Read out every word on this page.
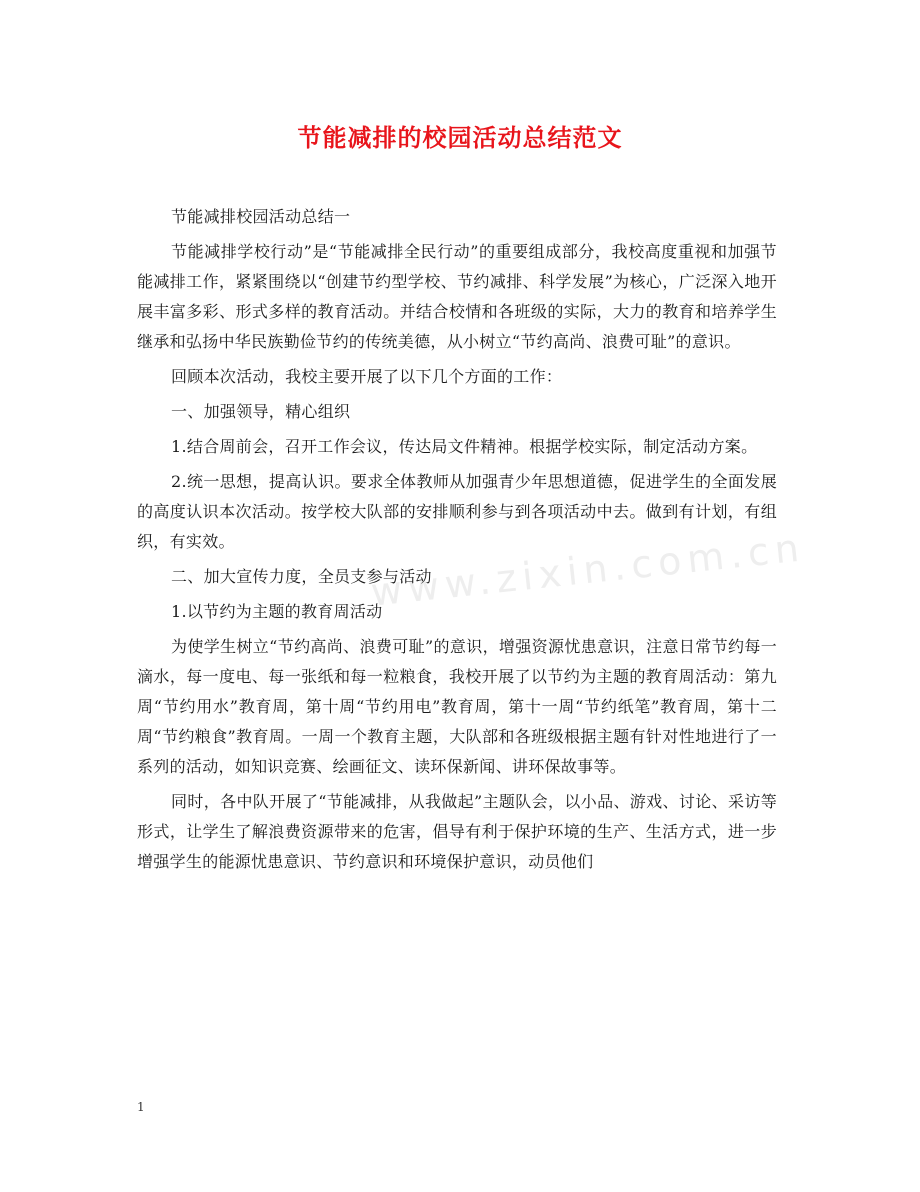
节能减排的校园活动总结范文
www.zixin.com.cn

节能减排校园活动总结一

节能减排学校行动”是“节能减排全民行动”的重要组成部分，我校高度重视和加强节能减排工作，紧紧围绕以“创建节约型学校、节约减排、科学发展”为核心，广泛深入地开展丰富多彩、形式多样的教育活动。并结合校情和各班级的实际，大力的教育和培养学生继承和弘扬中华民族勤俭节约的传统美德，从小树立“节约高尚、浪费可耻”的意识。

回顾本次活动，我校主要开展了以下几个方面的工作：

一、加强领导，精心组织

1.结合周前会，召开工作会议，传达局文件精神。根据学校实际，制定活动方案。

2.统一思想，提高认识。要求全体教师从加强青少年思想道德，促进学生的全面发展的高度认识本次活动。按学校大队部的安排顺利参与到各项活动中去。做到有计划，有组织，有实效。

二、加大宣传力度，全员支参与活动

1.以节约为主题的教育周活动

为使学生树立“节约高尚、浪费可耻”的意识，增强资源忧患意识，注意日常节约每一滴水，每一度电、每一张纸和每一粒粮食，我校开展了以节约为主题的教育周活动：第九周“节约用水”教育周，第十周“节约用电”教育周，第十一周“节约纸笔”教育周，第十二周“节约粮食”教育周。一周一个教育主题，大队部和各班级根据主题有针对性地进行了一系列的活动，如知识竞赛、绘画征文、读环保新闻、讲环保故事等。

同时，各中队开展了“节能减排，从我做起”主题队会，以小品、游戏、讨论、采访等形式，让学生了解浪费资源带来的危害，倡导有利于保护环境的生产、生活方式，进一步增强学生的能源忧患意识、节约意识和环境保护意识，动员他们

1
